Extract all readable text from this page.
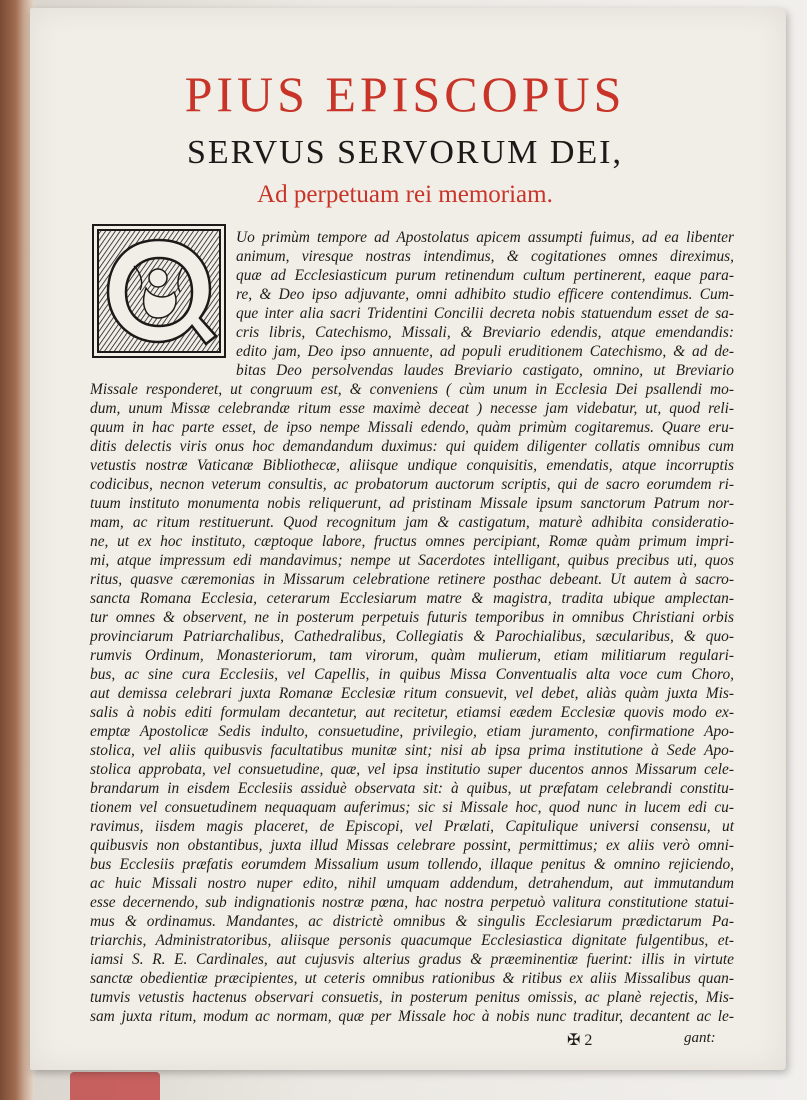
PIUS EPISCOPUS
SERVUS SERVORUM DEI,
Ad perpetuam rei memoriam.
Uo primùm tempore ad Apostolatus apicem assumpti fuimus, ad ea libenter
animum, viresque nostras intendimus, & cogitationes omnes direximus,
quæ ad Ecclesiasticum purum retinendum cultum pertinerent, eaque para-
re, & Deo ipso adjuvante, omni adhibito studio efficere contendimus. Cum-
que inter alia sacri Tridentini Concilii decreta nobis statuendum esset de sa-
cris libris, Catechismo, Missali, & Breviario edendis, atque emendandis:
edito jam, Deo ipso annuente, ad populi eruditionem Catechismo, & ad de-
bitas Deo persolvendas laudes Breviario castigato, omnino, ut Breviario
Missale responderet, ut congruum est, & conveniens ( cùm unum in Ecclesia Dei psallendi mo-
dum, unum Missæ celebrandæ ritum esse maximè deceat ) necesse jam videbatur, ut, quod reli-
quum in hac parte esset, de ipso nempe Missali edendo, quàm primùm cogitaremus. Quare eru-
ditis delectis viris onus hoc demandandum duximus: qui quidem diligenter collatis omnibus cum
vetustis nostræ Vaticanæ Bibliothecæ, aliisque undique conquisitis, emendatis, atque incorruptis
codicibus, necnon veterum consultis, ac probatorum auctorum scriptis, qui de sacro eorumdem ri-
tuum instituto monumenta nobis reliquerunt, ad pristinam Missale ipsum sanctorum Patrum nor-
mam, ac ritum restituerunt. Quod recognitum jam & castigatum, maturè adhibita consideratio-
ne, ut ex hoc instituto, cæptoque labore, fructus omnes percipiant, Romæ quàm primum impri-
mi, atque impressum edi mandavimus; nempe ut Sacerdotes intelligant, quibus precibus uti, quos
ritus, quasve cæremonias in Missarum celebratione retinere posthac debeant. Ut autem à sacro-
sancta Romana Ecclesia, ceterarum Ecclesiarum matre & magistra, tradita ubique amplectan-
tur omnes & observent, ne in posterum perpetuis futuris temporibus in omnibus Christiani orbis
provinciarum Patriarchalibus, Cathedralibus, Collegiatis & Parochialibus, sæcularibus, & quo-
rumvis Ordinum, Monasteriorum, tam virorum, quàm mulierum, etiam militiarum regulari-
bus, ac sine cura Ecclesiis, vel Capellis, in quibus Missa Conventualis alta voce cum Choro,
aut demissa celebrari juxta Romanæ Ecclesiæ ritum consuevit, vel debet, aliàs quàm juxta Mis-
salis à nobis editi formulam decantetur, aut recitetur, etiamsi eædem Ecclesiæ quovis modo ex-
emptæ Apostolicæ Sedis indulto, consuetudine, privilegio, etiam juramento, confirmatione Apo-
stolica, vel aliis quibusvis facultatibus munitæ sint; nisi ab ipsa prima institutione à Sede Apo-
stolica approbata, vel consuetudine, quæ, vel ipsa institutio super ducentos annos Missarum cele-
brandarum in eisdem Ecclesiis assiduè observata sit: à quibus, ut præfatam celebrandi constitu-
tionem vel consuetudinem nequaquam auferimus; sic si Missale hoc, quod nunc in lucem edi cu-
ravimus, iisdem magis placeret, de Episcopi, vel Prælati, Capitulique universi consensu, ut
quibusvis non obstantibus, juxta illud Missas celebrare possint, permittimus; ex aliis verò omni-
bus Ecclesiis præfatis eorumdem Missalium usum tollendo, illaque penitus & omnino rejiciendo,
ac huic Missali nostro nuper edito, nihil umquam addendum, detrahendum, aut immutandum
esse decernendo, sub indignationis nostræ pœna, hac nostra perpetuò valitura constitutione statui-
mus & ordinamus. Mandantes, ac districtè omnibus & singulis Ecclesiarum prædictarum Pa-
triarchis, Administratoribus, aliisque personis quacumque Ecclesiastica dignitate fulgentibus, et-
iamsi S. R. E. Cardinales, aut cujusvis alterius gradus & præeminentiæ fuerint: illis in virtute
sanctæ obedientiæ præcipientes, ut ceteris omnibus rationibus & ritibus ex aliis Missalibus quan-
tumvis vetustis hactenus observari consuetis, in posterum penitus omissis, ac planè rejectis, Mis-
sam juxta ritum, modum ac normam, quæ per Missale hoc à nobis nunc traditur, decantent ac le-
✠ 2	gant:
